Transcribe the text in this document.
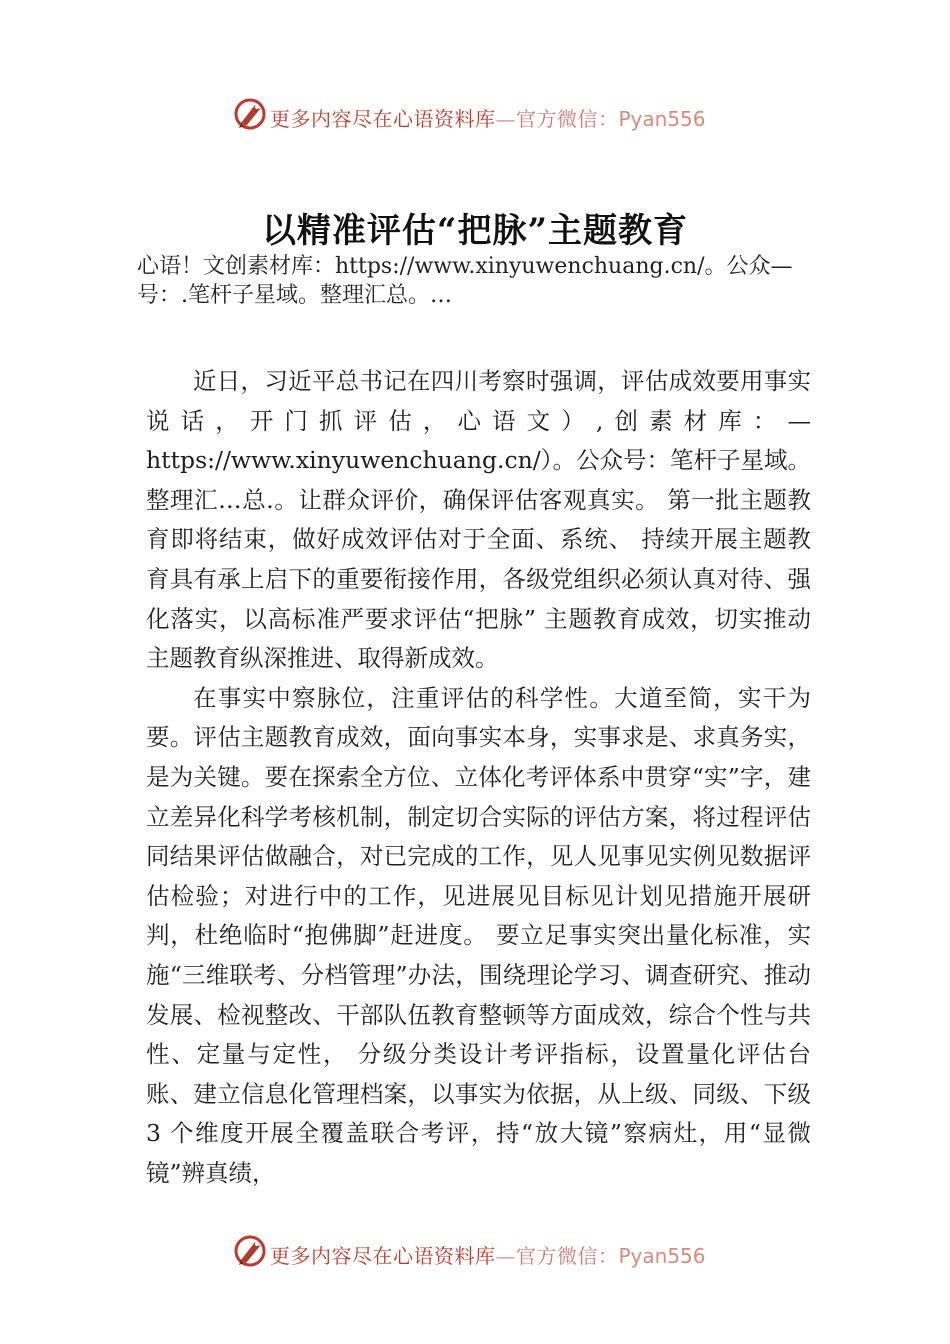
更多内容尽在心语资料库—官方微信：Pyan556
以精准评估“把脉”主题教育
心语！文创素材库：https://www.xinyuwenchuang.cn/。公众—号：.笔杆子星域。整理汇总。…

近日，习近平总书记在四川考察时强调，评估成效要用事实说话，开门抓评估，心语文）,创素材库：—https://www.xinyuwenchuang.cn/）。公众号：笔杆子星域。整理汇…总.。让群众评价，确保评估客观真实。 第一批主题教育即将结束，做好成效评估对于全面、系统、 持续开展主题教育具有承上启下的重要衔接作用，各级党组织必须认真对待、强化落实，以高标准严要求评估“把脉” 主题教育成效，切实推动主题教育纵深推进、取得新成效。

在事实中察脉位，注重评估的科学性。大道至简，实干为要。评估主题教育成效，面向事实本身，实事求是、求真务实，是为关键。要在探索全方位、立体化考评体系中贯穿“实”字，建立差异化科学考核机制，制定切合实际的评估方案，将过程评估同结果评估做融合，对已完成的工作，见人见事见实例见数据评估检验；对进行中的工作，见进展见目标见计划见措施开展研判，杜绝临时“抱佛脚”赶进度。 要立足事实突出量化标准，实施“三维联考、分档管理”办法，围绕理论学习、调查研究、推动发展、检视整改、干部队伍教育整顿等方面成效，综合个性与共性、定量与定性， 分级分类设计考评指标，设置量化评估台账、建立信息化管理档案，以事实为依据，从上级、同级、下级 3 个维度开展全覆盖联合考评，持“放大镜”察病灶，用“显微镜”辨真绩，

更多内容尽在心语资料库—官方微信：Pyan556
